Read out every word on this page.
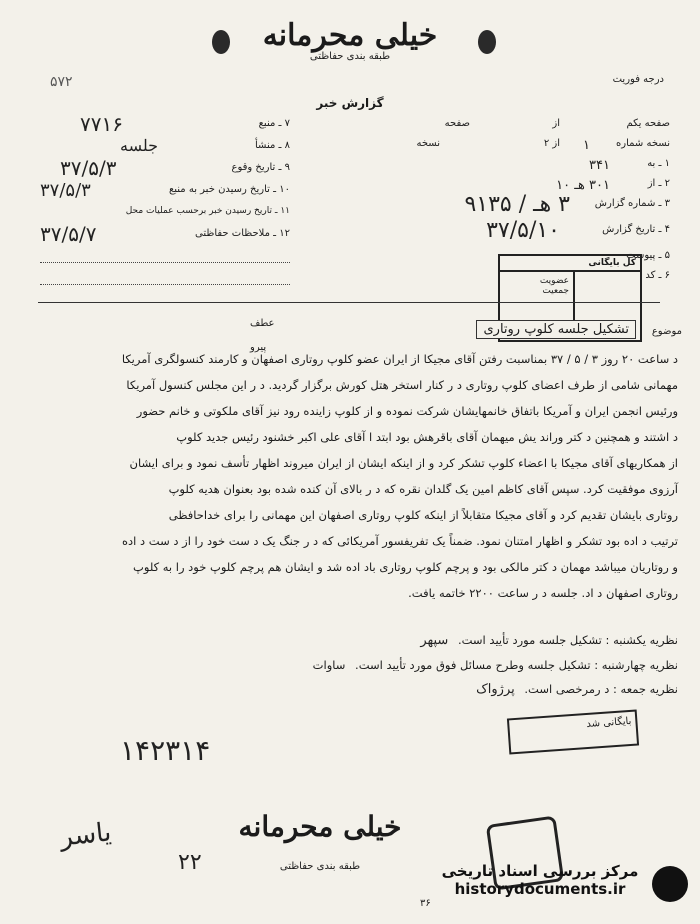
خیلی محرمانه
طبقه بندی حفاظتی
درجه فوریت
۵۷۲
گزارش خبر
صفحه یکم
از
صفحه
نسخه شماره
۱
از ۲
نسخه
۱ ـ به
۳۴۱
۲ ـ از
۳۰۱ هـ ۱۰
۳ ـ شماره گزارش
۳ هـ / ۹۱۳۵
۴ ـ تاریخ گزارش
۳۷/۵/۱۰
۵ ـ پیوست
۶ ـ کد
۷ ـ منبع
۷۷۱۶
۸ ـ منشأ
جلسه
۹ ـ تاریخ وقوع
۳۷/۵/۳
۱۰ ـ تاریخ رسیدن خبر به منبع
۳۷/۵/۳
۱۱ ـ تاریخ رسیدن خبر برحسب عملیات محل
۱۲ ـ ملاحظات حفاظتی
۳۷/۵/۷
کل بایگانی
عضویت
جمعیت
عطف
پیرو
موضوع
تشکیل جلسه کلوپ روتاری
د ساعت ۲۰ روز ۳ / ۵ / ۳۷ بمناسبت رفتن آقای مجیکا از ایران عضو کلوپ روتاری اصفهان و کارمند کنسولگری آمریکا
مهمانی شامی از طرف اعضای کلوپ روتاری د ر کنار استخر هتل کورش برگزار گردید. د ر این مجلس کنسول آمریکا
ورئیس انجمن ایران و آمریکا باتفاق خانمهایشان شرکت نموده و از کلوپ زاینده رود نیز آقای ملکوتی و خانم حضور
د اشتند و همچنین د کتر وراند یش میهمان آقای باقرهش بود ابتد ا آقای علی اکبر خشنود رئیس جدید کلوپ
از همکاریهای آقای مجیکا با اعضاء کلوپ تشکر کرد و از اینکه ایشان از ایران میروند اظهار تأسف نمود و برای ایشان
آرزوی موفقیت کرد. سپس آقای کاظم امین یک گلدان نقره که د ر بالای آن کنده شده بود بعنوان هدیه کلوپ
روتاری بایشان تقدیم کرد و آقای مجیکا متقابلاً از اینکه کلوپ روتاری اصفهان این مهمانی را برای خداحافظی
ترتیب د اده بود تشکر و اظهار امتنان نمود. ضمناً یک تفریفسور آمریکائی که د ر جنگ یک د ست خود را از د ست د اده
و روتاریان میباشد مهمان د کتر مالکی بود و پرچم کلوپ روتاری باد اده شد و ایشان هم پرچم کلوپ خود را به کلوپ
روتاری اصفهان د اد. جلسه د ر ساعت ۲۲۰۰ خاتمه یافت.
نظریه یکشنبه : تشکیل جلسه مورد تأیید است. سپهر
نظریه چهارشنبه : تشکیل جلسه وطرح مسائل فوق مورد تأیید است. ساوات
نظریه جمعه : د رمرخصی است. پرژواک
۱۴۲۳۱۴
بایگانی شد
یاسر
۲۲
خیلی محرمانه
طبقه بندی حفاظتی	مرکز بررسی اسناد تاریخی
historydocuments.ir
۳۶
